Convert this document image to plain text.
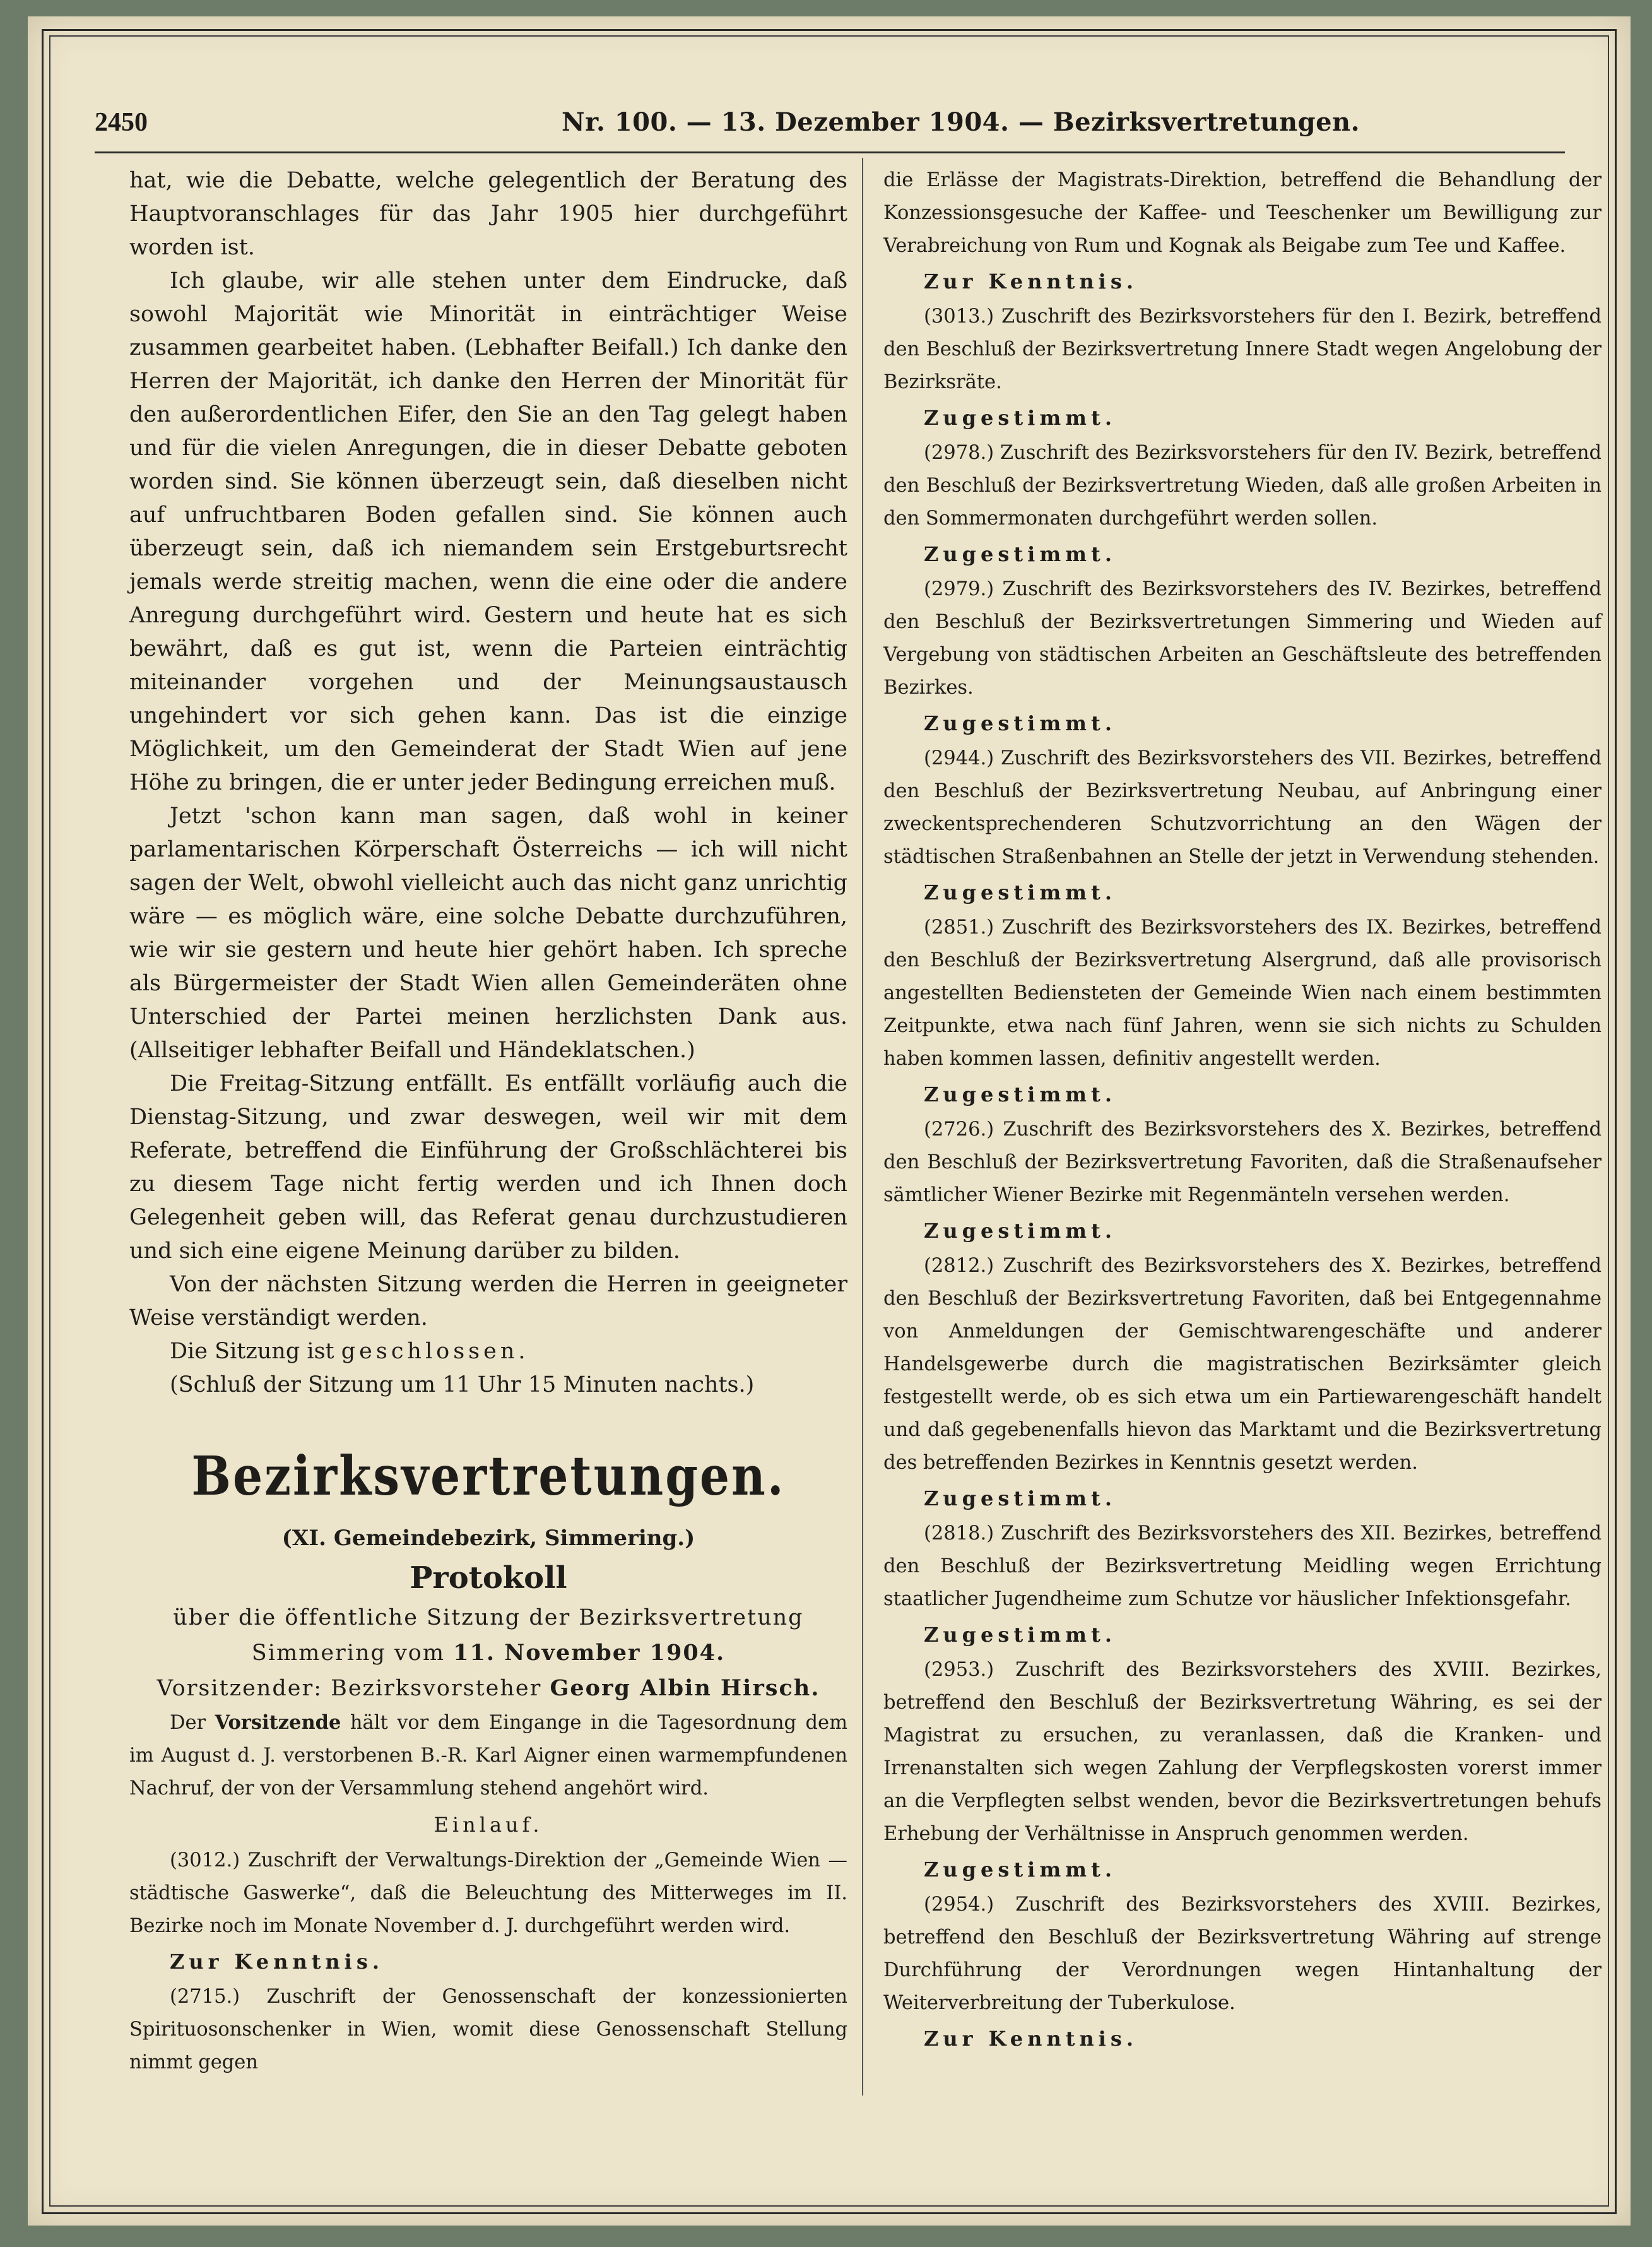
2450	Nr. 100. — 13. Dezember 1904. — Bezirksvertretungen.

hat, wie die Debatte, welche gelegentlich der Beratung des Hauptvoranschlages für das Jahr 1905 hier durchgeführt worden ist.

Ich glaube, wir alle stehen unter dem Eindrucke, daß sowohl Majorität wie Minorität in einträchtiger Weise zusammen gearbeitet haben. (Lebhafter Beifall.) Ich danke den Herren der Majorität, ich danke den Herren der Minorität für den außerordentlichen Eifer, den Sie an den Tag gelegt haben und für die vielen Anregungen, die in dieser Debatte geboten worden sind. Sie können überzeugt sein, daß dieselben nicht auf unfruchtbaren Boden gefallen sind. Sie können auch überzeugt sein, daß ich niemandem sein Erstgeburtsrecht jemals werde streitig machen, wenn die eine oder die andere Anregung durchgeführt wird. Gestern und heute hat es sich bewährt, daß es gut ist, wenn die Parteien einträchtig miteinander vorgehen und der Meinungsaustausch ungehindert vor sich gehen kann. Das ist die einzige Möglichkeit, um den Gemeinderat der Stadt Wien auf jene Höhe zu bringen, die er unter jeder Bedingung erreichen muß.

Jetzt 'schon kann man sagen, daß wohl in keiner parlamentarischen Körperschaft Österreichs — ich will nicht sagen der Welt, obwohl vielleicht auch das nicht ganz unrichtig wäre — es möglich wäre, eine solche Debatte durchzuführen, wie wir sie gestern und heute hier gehört haben. Ich spreche als Bürgermeister der Stadt Wien allen Gemeinderäten ohne Unterschied der Partei meinen herzlichsten Dank aus. (Allseitiger lebhafter Beifall und Händeklatschen.)

Die Freitag-Sitzung entfällt. Es entfällt vorläufig auch die Dienstag-Sitzung, und zwar deswegen, weil wir mit dem Referate, betreffend die Einführung der Großschlächterei bis zu diesem Tage nicht fertig werden und ich Ihnen doch Gelegenheit geben will, das Referat genau durchzustudieren und sich eine eigene Meinung darüber zu bilden.

Von der nächsten Sitzung werden die Herren in geeigneter Weise verständigt werden.

Die Sitzung ist geschlossen.

(Schluß der Sitzung um 11 Uhr 15 Minuten nachts.)

Bezirksvertretungen.
(XI. Gemeindebezirk, Simmering.)
Protokoll
über die öffentliche Sitzung der Bezirksvertretung
Simmering vom 11. November 1904.
Vorsitzender: Bezirksvorsteher Georg Albin Hirsch.

Der Vorsitzende hält vor dem Eingange in die Tagesordnung dem im August d. J. verstorbenen B.-R. Karl Aigner einen warmempfundenen Nachruf, der von der Versammlung stehend angehört wird.

Einlauf.

(3012.) Zuschrift der Verwaltungs-Direktion der „Gemeinde Wien — städtische Gaswerke“, daß die Beleuchtung des Mitterweges im II. Bezirke noch im Monate November d. J. durchgeführt werden wird.

Zur Kenntnis.

(2715.) Zuschrift der Genossenschaft der konzessionierten Spirituosonschenker in Wien, womit diese Genossenschaft Stellung nimmt gegen

die Erlässe der Magistrats-Direktion, betreffend die Behandlung der Konzessionsgesuche der Kaffee- und Teeschenker um Bewilligung zur Verabreichung von Rum und Kognak als Beigabe zum Tee und Kaffee.

Zur Kenntnis.

(3013.) Zuschrift des Bezirksvorstehers für den I. Bezirk, betreffend den Beschluß der Bezirksvertretung Innere Stadt wegen Angelobung der Bezirksräte.

Zugestimmt.

(2978.) Zuschrift des Bezirksvorstehers für den IV. Bezirk, betreffend den Beschluß der Bezirksvertretung Wieden, daß alle großen Arbeiten in den Sommermonaten durchgeführt werden sollen.

Zugestimmt.

(2979.) Zuschrift des Bezirksvorstehers des IV. Bezirkes, betreffend den Beschluß der Bezirksvertretungen Simmering und Wieden auf Vergebung von städtischen Arbeiten an Geschäftsleute des betreffenden Bezirkes.

Zugestimmt.

(2944.) Zuschrift des Bezirksvorstehers des VII. Bezirkes, betreffend den Beschluß der Bezirksvertretung Neubau, auf Anbringung einer zweckentsprechenderen Schutzvorrichtung an den Wägen der städtischen Straßenbahnen an Stelle der jetzt in Verwendung stehenden.

Zugestimmt.

(2851.) Zuschrift des Bezirksvorstehers des IX. Bezirkes, betreffend den Beschluß der Bezirksvertretung Alsergrund, daß alle provisorisch angestellten Bediensteten der Gemeinde Wien nach einem bestimmten Zeitpunkte, etwa nach fünf Jahren, wenn sie sich nichts zu Schulden haben kommen lassen, definitiv angestellt werden.

Zugestimmt.

(2726.) Zuschrift des Bezirksvorstehers des X. Bezirkes, betreffend den Beschluß der Bezirksvertretung Favoriten, daß die Straßenaufseher sämtlicher Wiener Bezirke mit Regenmänteln versehen werden.

Zugestimmt.

(2812.) Zuschrift des Bezirksvorstehers des X. Bezirkes, betreffend den Beschluß der Bezirksvertretung Favoriten, daß bei Entgegennahme von Anmeldungen der Gemischtwarengeschäfte und anderer Handelsgewerbe durch die magistratischen Bezirksämter gleich festgestellt werde, ob es sich etwa um ein Partiewarengeschäft handelt und daß gegebenenfalls hievon das Marktamt und die Bezirksvertretung des betreffenden Bezirkes in Kenntnis gesetzt werden.

Zugestimmt.

(2818.) Zuschrift des Bezirksvorstehers des XII. Bezirkes, betreffend den Beschluß der Bezirksvertretung Meidling wegen Errichtung staatlicher Jugendheime zum Schutze vor häuslicher Infektionsgefahr.

Zugestimmt.

(2953.) Zuschrift des Bezirksvorstehers des XVIII. Bezirkes, betreffend den Beschluß der Bezirksvertretung Währing, es sei der Magistrat zu ersuchen, zu veranlassen, daß die Kranken- und Irrenanstalten sich wegen Zahlung der Verpflegskosten vorerst immer an die Verpflegten selbst wenden, bevor die Bezirksvertretungen behufs Erhebung der Verhältnisse in Anspruch genommen werden.

Zugestimmt.

(2954.) Zuschrift des Bezirksvorstehers des XVIII. Bezirkes, betreffend den Beschluß der Bezirksvertretung Währing auf strenge Durchführung der Verordnungen wegen Hintanhaltung der Weiterverbreitung der Tuberkulose.

Zur Kenntnis.
